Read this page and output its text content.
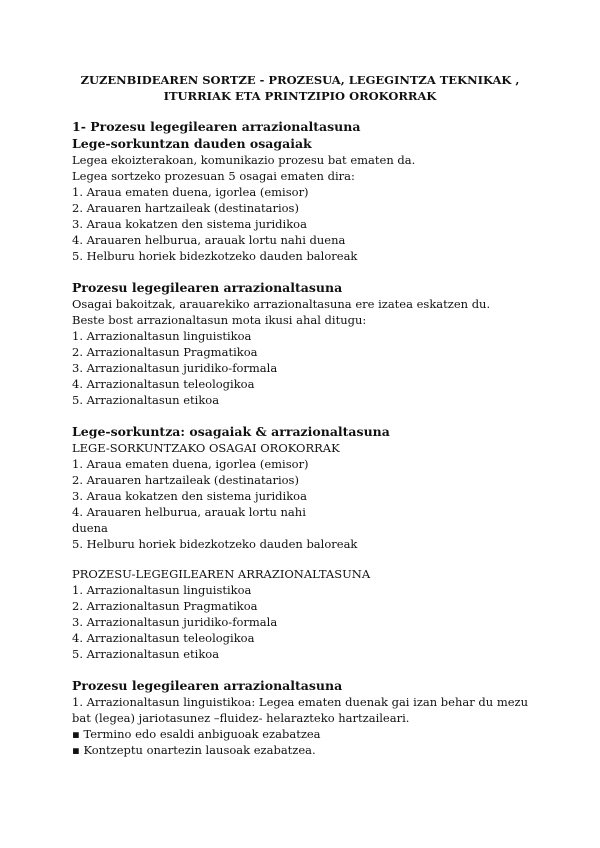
ZUZENBIDEAREN SORTZE - PROZESUA, LEGEGINTZA TEKNIKAK ,
ITURRIAK ETA PRINTZIPIO OROKORRAK
1- Prozesu legegilearen arrazionaltasuna
Lege-sorkuntzan dauden osagaiak
Legea ekoizterakoan, komunikazio prozesu bat ematen da.
Legea sortzeko prozesuan 5 osagai ematen dira:
1. Araua ematen duena, igorlea (emisor)
2. Arauaren hartzaileak (destinatarios)
3. Araua kokatzen den sistema juridikoa
4. Arauaren helburua, arauak lortu nahi duena
5. Helburu horiek bidezkotzeko dauden baloreak
Prozesu legegilearen arrazionaltasuna
Osagai bakoitzak, arauarekiko arrazionaltasuna ere izatea eskatzen du. Beste bost arrazionaltasun mota ikusi ahal ditugu:
1. Arrazionaltasun linguistikoa
2. Arrazionaltasun Pragmatikoa
3. Arrazionaltasun juridiko-formala
4. Arrazionaltasun teleologikoa
5. Arrazionaltasun etikoa
Lege-sorkuntza: osagaiak & arrazionaltasuna
LEGE-SORKUNTZAKO OSAGAI OROKORRAK
1. Araua ematen duena, igorlea (emisor)
2. Arauaren hartzaileak (destinatarios)
3. Araua kokatzen den sistema juridikoa
4. Arauaren helburua, arauak lortu nahi
duena
5. Helburu horiek bidezkotzeko dauden baloreak
PROZESU-LEGEGILEAREN ARRAZIONALTASUNA
1. Arrazionaltasun linguistikoa
2. Arrazionaltasun Pragmatikoa
3. Arrazionaltasun juridiko-formala
4. Arrazionaltasun teleologikoa
5. Arrazionaltasun etikoa
Prozesu legegilearen arrazionaltasuna
1. Arrazionaltasun linguistikoa: Legea ematen duenak gai izan behar du mezu bat (legea) jariotasunez –fluidez- helarazteko hartzaileari.
▪ Termino edo esaldi anbiguoak ezabatzea
▪ Kontzeptu onartezin lausoak ezabatzea.
